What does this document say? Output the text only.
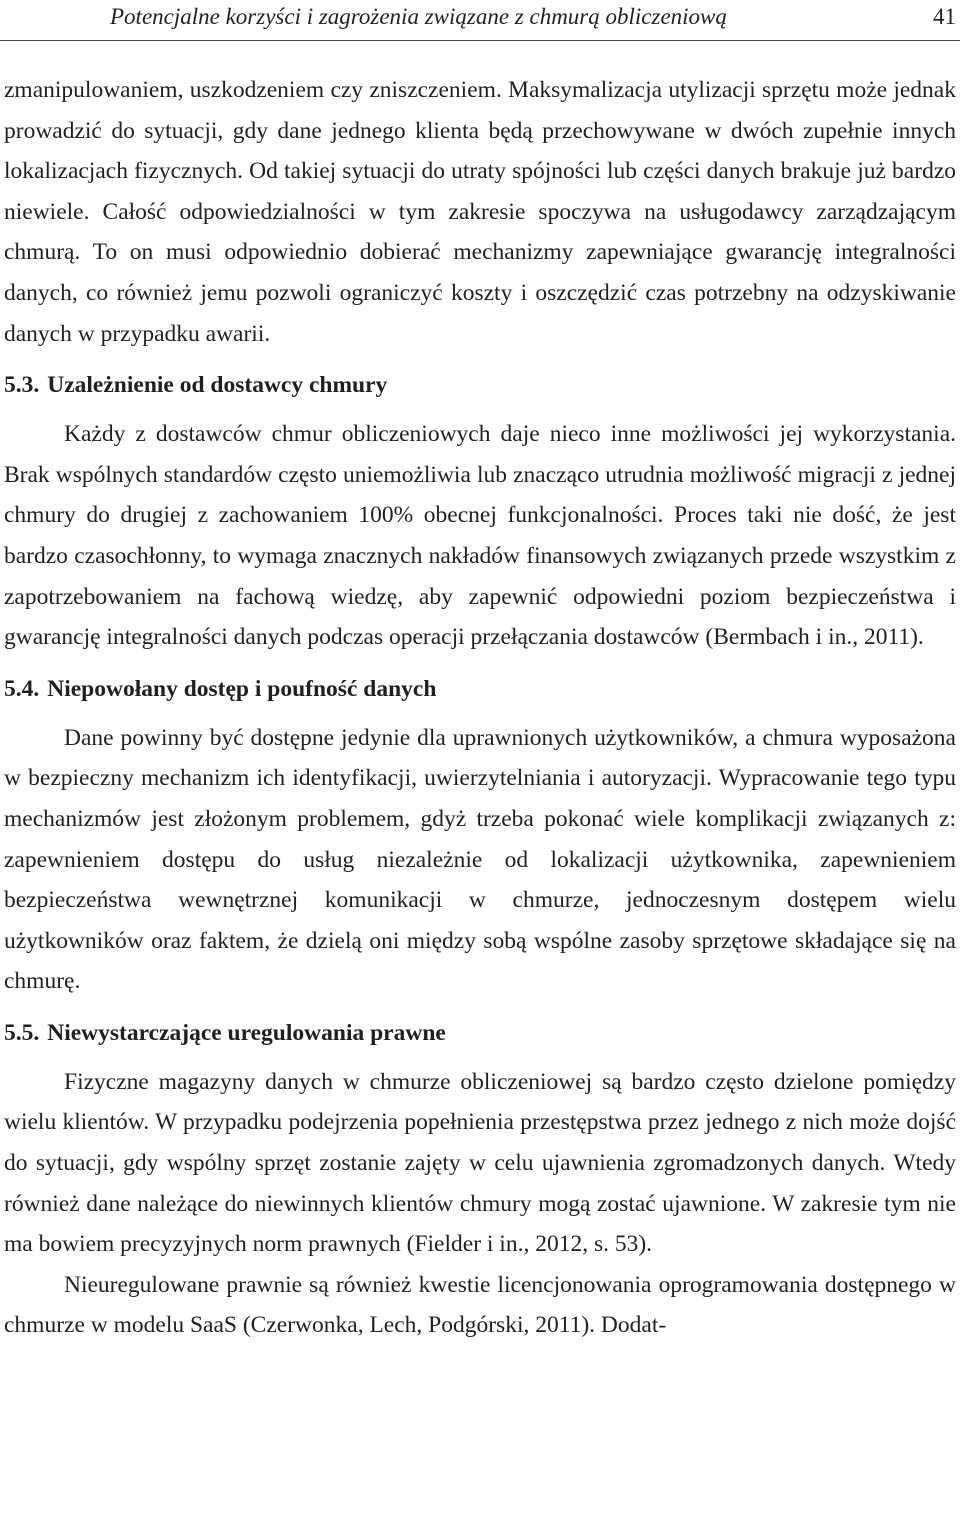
Potencjalne korzyści i zagrożenia związane z chmurą obliczeniową	41

zmanipulowaniem, uszkodzeniem czy zniszczeniem. Maksymalizacja utylizacji sprzętu może jednak prowadzić do sytuacji, gdy dane jednego klienta będą przechowywane w dwóch zupełnie innych lokalizacjach fizycznych. Od takiej sytuacji do utraty spójności lub części danych brakuje już bardzo niewiele. Całość odpowiedzialności w tym zakresie spoczywa na usługodawcy zarządzającym chmurą. To on musi odpowiednio dobierać mechanizmy zapewniające gwarancję integralności danych, co również jemu pozwoli ograniczyć koszty i oszczędzić czas potrzebny na odzyskiwanie danych w przypadku awarii.

5.3. Uzależnienie od dostawcy chmury

Każdy z dostawców chmur obliczeniowych daje nieco inne możliwości jej wykorzystania. Brak wspólnych standardów często uniemożliwia lub znacząco utrudnia możliwość migracji z jednej chmury do drugiej z zachowaniem 100% obecnej funkcjonalności. Proces taki nie dość, że jest bardzo czasochłonny, to wymaga znacznych nakładów finansowych związanych przede wszystkim z zapotrzebowaniem na fachową wiedzę, aby zapewnić odpowiedni poziom bezpieczeństwa i gwarancję integralności danych podczas operacji przełączania dostawców (Bermbach i in., 2011).

5.4. Niepowołany dostęp i poufność danych

Dane powinny być dostępne jedynie dla uprawnionych użytkowników, a chmura wyposażona w bezpieczny mechanizm ich identyfikacji, uwierzytelniania i autoryzacji. Wypracowanie tego typu mechanizmów jest złożonym problemem, gdyż trzeba pokonać wiele komplikacji związanych z: zapewnieniem dostępu do usług niezależnie od lokalizacji użytkownika, zapewnieniem bezpieczeństwa wewnętrznej komunikacji w chmurze, jednoczesnym dostępem wielu użytkowników oraz faktem, że dzielą oni między sobą wspólne zasoby sprzętowe składające się na chmurę.

5.5. Niewystarczające uregulowania prawne

Fizyczne magazyny danych w chmurze obliczeniowej są bardzo często dzielone pomiędzy wielu klientów. W przypadku podejrzenia popełnienia przestępstwa przez jednego z nich może dojść do sytuacji, gdy wspólny sprzęt zostanie zajęty w celu ujawnienia zgromadzonych danych. Wtedy również dane należące do niewinnych klientów chmury mogą zostać ujawnione. W zakresie tym nie ma bowiem precyzyjnych norm prawnych (Fielder i in., 2012, s. 53).

Nieuregulowane prawnie są również kwestie licencjonowania oprogramowania dostępnego w chmurze w modelu SaaS (Czerwonka, Lech, Podgórski, 2011). Dodat-
